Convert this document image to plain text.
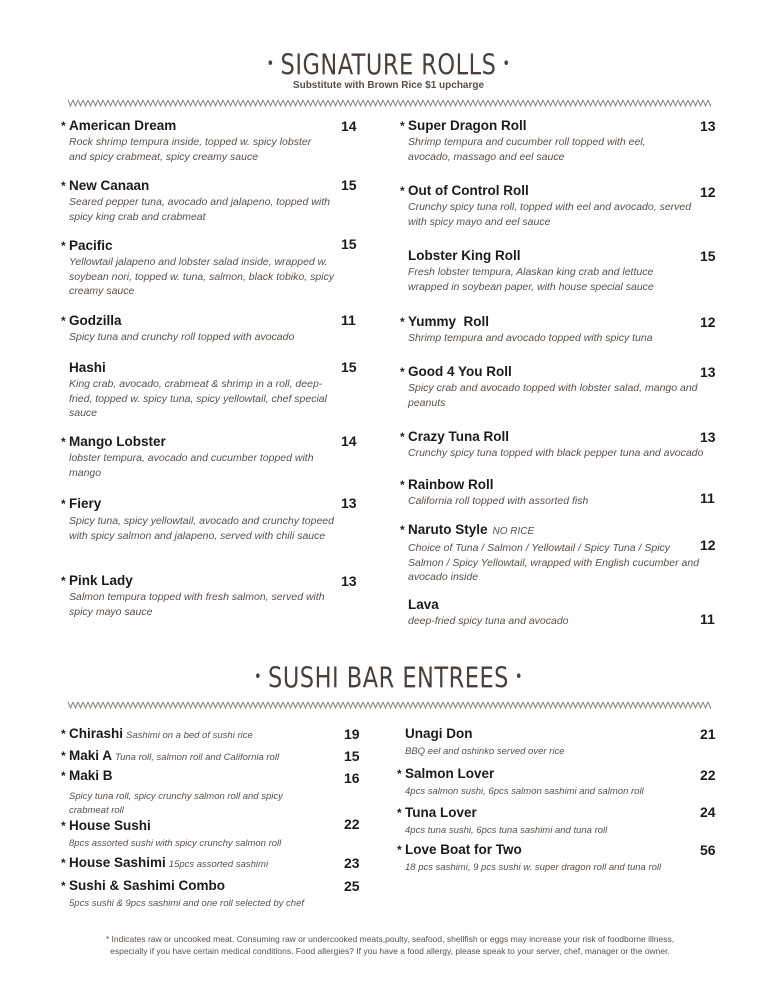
• SIGNATURE ROLLS •
Substitute with Brown Rice $1 upcharge
* American Dream
Rock shrimp tempura inside, topped w. spicy lobster and spicy crabmeat, spicy creamy sauce
14
* New Canaan
Seared pepper tuna, avocado and jalapeno, topped with spicy king crab and crabmeat
15
* Pacific
Yellowtail jalapeno and lobster salad inside, wrapped w. soybean nori, topped w. tuna, salmon, black tobiko, spicy creamy sauce
15
* Godzilla
Spicy tuna and crunchy roll topped with avocado
11
Hashi
King crab, avocado, crabmeat & shrimp in a roll, deep-fried, topped w. spicy tuna, spicy yellowtail, chef special sauce
15
* Mango Lobster
lobster tempura, avocado and cucumber topped with mango
14
* Fiery
Spicy tuna, spicy yellowtail, avocado and crunchy topeed with spicy salmon and jalapeno, served with chili sauce
13
* Pink Lady
Salmon tempura topped with fresh salmon, served with spicy mayo sauce
13
* Super Dragon Roll
Shrimp tempura and cucumber roll topped with eel, avocado, massago and eel sauce
13
* Out of Control Roll
Crunchy spicy tuna roll, topped with eel and avocado, served with spicy mayo and eel sauce
12
Lobster King Roll
Fresh lobster tempura, Alaskan king crab and lettuce wrapped in soybean paper, with house special sauce
15
* Yummy  Roll
Shrimp tempura and avocado topped with spicy tuna
12
* Good 4 You Roll
Spicy crab and avocado topped with lobster salad, mango and peanuts
13
* Crazy Tuna Roll
Crunchy spicy tuna topped with black pepper tuna and avocado
13
* Rainbow Roll
California roll topped with assorted fish	11
* Naruto Style NO RICE
Choice of Tuna / Salmon / Yellowtail / Spicy Tuna / Spicy Salmon / Spicy Yellowtail, wrapped with English cucumber and avocado inside
12
Lava
deep-fried spicy tuna and avocado	11
• SUSHI BAR ENTREES •
* Chirashi Sashimi on a bed of sushi rice	19
* Maki A Tuna roll, salmon roll and California roll	15
* Maki B
Spicy tuna roll, spicy crunchy salmon roll and spicy crabmeat roll
16
* House Sushi
8pcs assorted sushi with spicy crunchy salmon roll
22
* House Sashimi 15pcs assorted sashimi	23
* Sushi & Sashimi Combo
5pcs sushi & 9pcs sashimi and one roll selected by chef
25
Unagi Don
BBQ eel and oshinko served over rice
21
* Salmon Lover
4pcs salmon sushi, 6pcs salmon sashimi and salmon roll
22
* Tuna Lover
4pcs tuna sushi, 6pcs tuna sashimi and tuna roll
24
* Love Boat for Two
18 pcs sashimi, 9 pcs sushi w. super dragon roll and tuna roll
56
* Indicates raw or uncooked meat. Consuming raw or undercooked meats,poulty, seafood, shellfish or eggs may increase your risk of foodborne illness,
especially if you have certain medical conditions. Food allergies? If you have a food allergy, please speak to your server, chef, manager or the owner.
